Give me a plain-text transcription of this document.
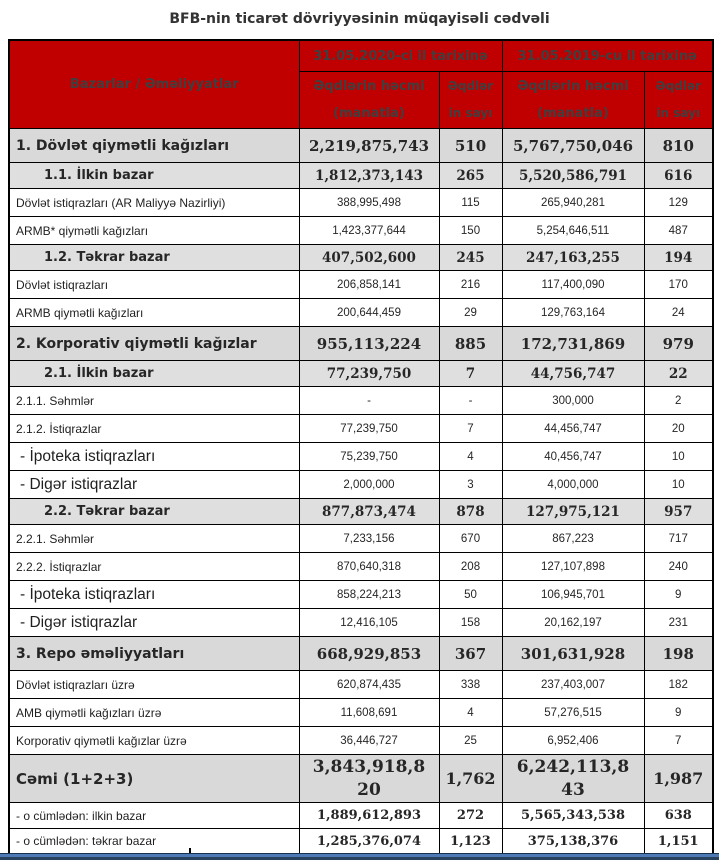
BFB-nin ticarət dövriyyəsinin müqayisəli cədvəli
Bazarlar / Əməliyyatlar	31.05.2020-ci il tarixinə		31.05.2019-cu il tarixinə	
	Əqdlərin həcmi (manatla)	Əqdlərin sayı	Əqdlərin həcmi (manatla)	Əqdlərin sayı
1. Dövlət qiymətli kağızları	2,219,875,743	510	5,767,750,046	810
1.1. İlkin bazar	1,812,373,143	265	5,520,586,791	616
Dövlət istiqrazları (AR Maliyyə Nazirliyi)	388,995,498	115	265,940,281	129
ARMB* qiymətli kağızları	1,423,377,644	150	5,254,646,511	487
1.2. Təkrar bazar	407,502,600	245	247,163,255	194
Dövlət istiqrazları	206,858,141	216	117,400,090	170
ARMB qiymətli kağızları	200,644,459	29	129,763,164	24
2. Korporativ qiymətli kağızlar	955,113,224	885	172,731,869	979
2.1. İlkin bazar	77,239,750	7	44,756,747	22
2.1.1. Səhmlər	-	-	300,000	2
2.1.2. İstiqrazlar	77,239,750	7	44,456,747	20
- İpoteka istiqrazları	75,239,750	4	40,456,747	10
- Digər istiqrazlar	2,000,000	3	4,000,000	10
2.2. Təkrar bazar	877,873,474	878	127,975,121	957
2.2.1. Səhmlər	7,233,156	670	867,223	717
2.2.2. İstiqrazlar	870,640,318	208	127,107,898	240
- İpoteka istiqrazları	858,224,213	50	106,945,701	9
- Digər istiqrazlar	12,416,105	158	20,162,197	231
3. Repo əməliyyatları	668,929,853	367	301,631,928	198
Dövlət istiqrazları üzrə	620,874,435	338	237,403,007	182
AMB qiymətli kağızları üzrə	11,608,691	4	57,276,515	9
Korporativ qiymətli kağızlar üzrə	36,446,727	25	6,952,406	7
Cəmi (1+2+3)	3,843,918,820	1,762	6,242,113,843	1,987
- o cümlədən: ilkin bazar	1,889,612,893	272	5,565,343,538	638
- o cümlədən: təkrar bazar	1,285,376,074	1,123	375,138,376	1,151
